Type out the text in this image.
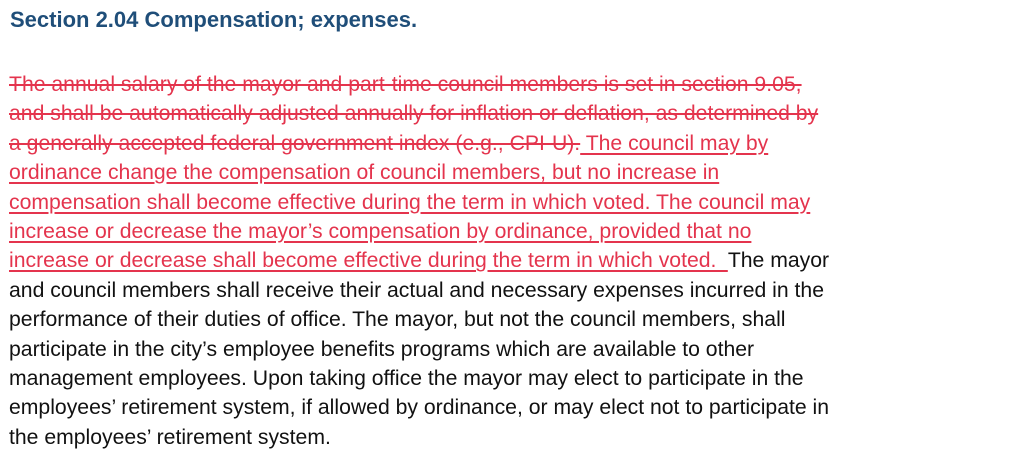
Section 2.04 Compensation; expenses.
The annual salary of the mayor and part-time council members is set in section 9.05,
and shall be automatically adjusted annually for inflation or deflation, as determined by
a generally accepted federal government index (e.g., CPI-U). The council may by
ordinance change the compensation of council members, but no increase in
compensation shall become effective during the term in which voted. The council may
increase or decrease the mayor’s compensation by ordinance, provided that no
increase or decrease shall become effective during the term in which voted.  The mayor
and council members shall receive their actual and necessary expenses incurred in the
performance of their duties of office. The mayor, but not the council members, shall
participate in the city’s employee benefits programs which are available to other
management employees. Upon taking office the mayor may elect to participate in the
employees’ retirement system, if allowed by ordinance, or may elect not to participate in
the employees’ retirement system.
